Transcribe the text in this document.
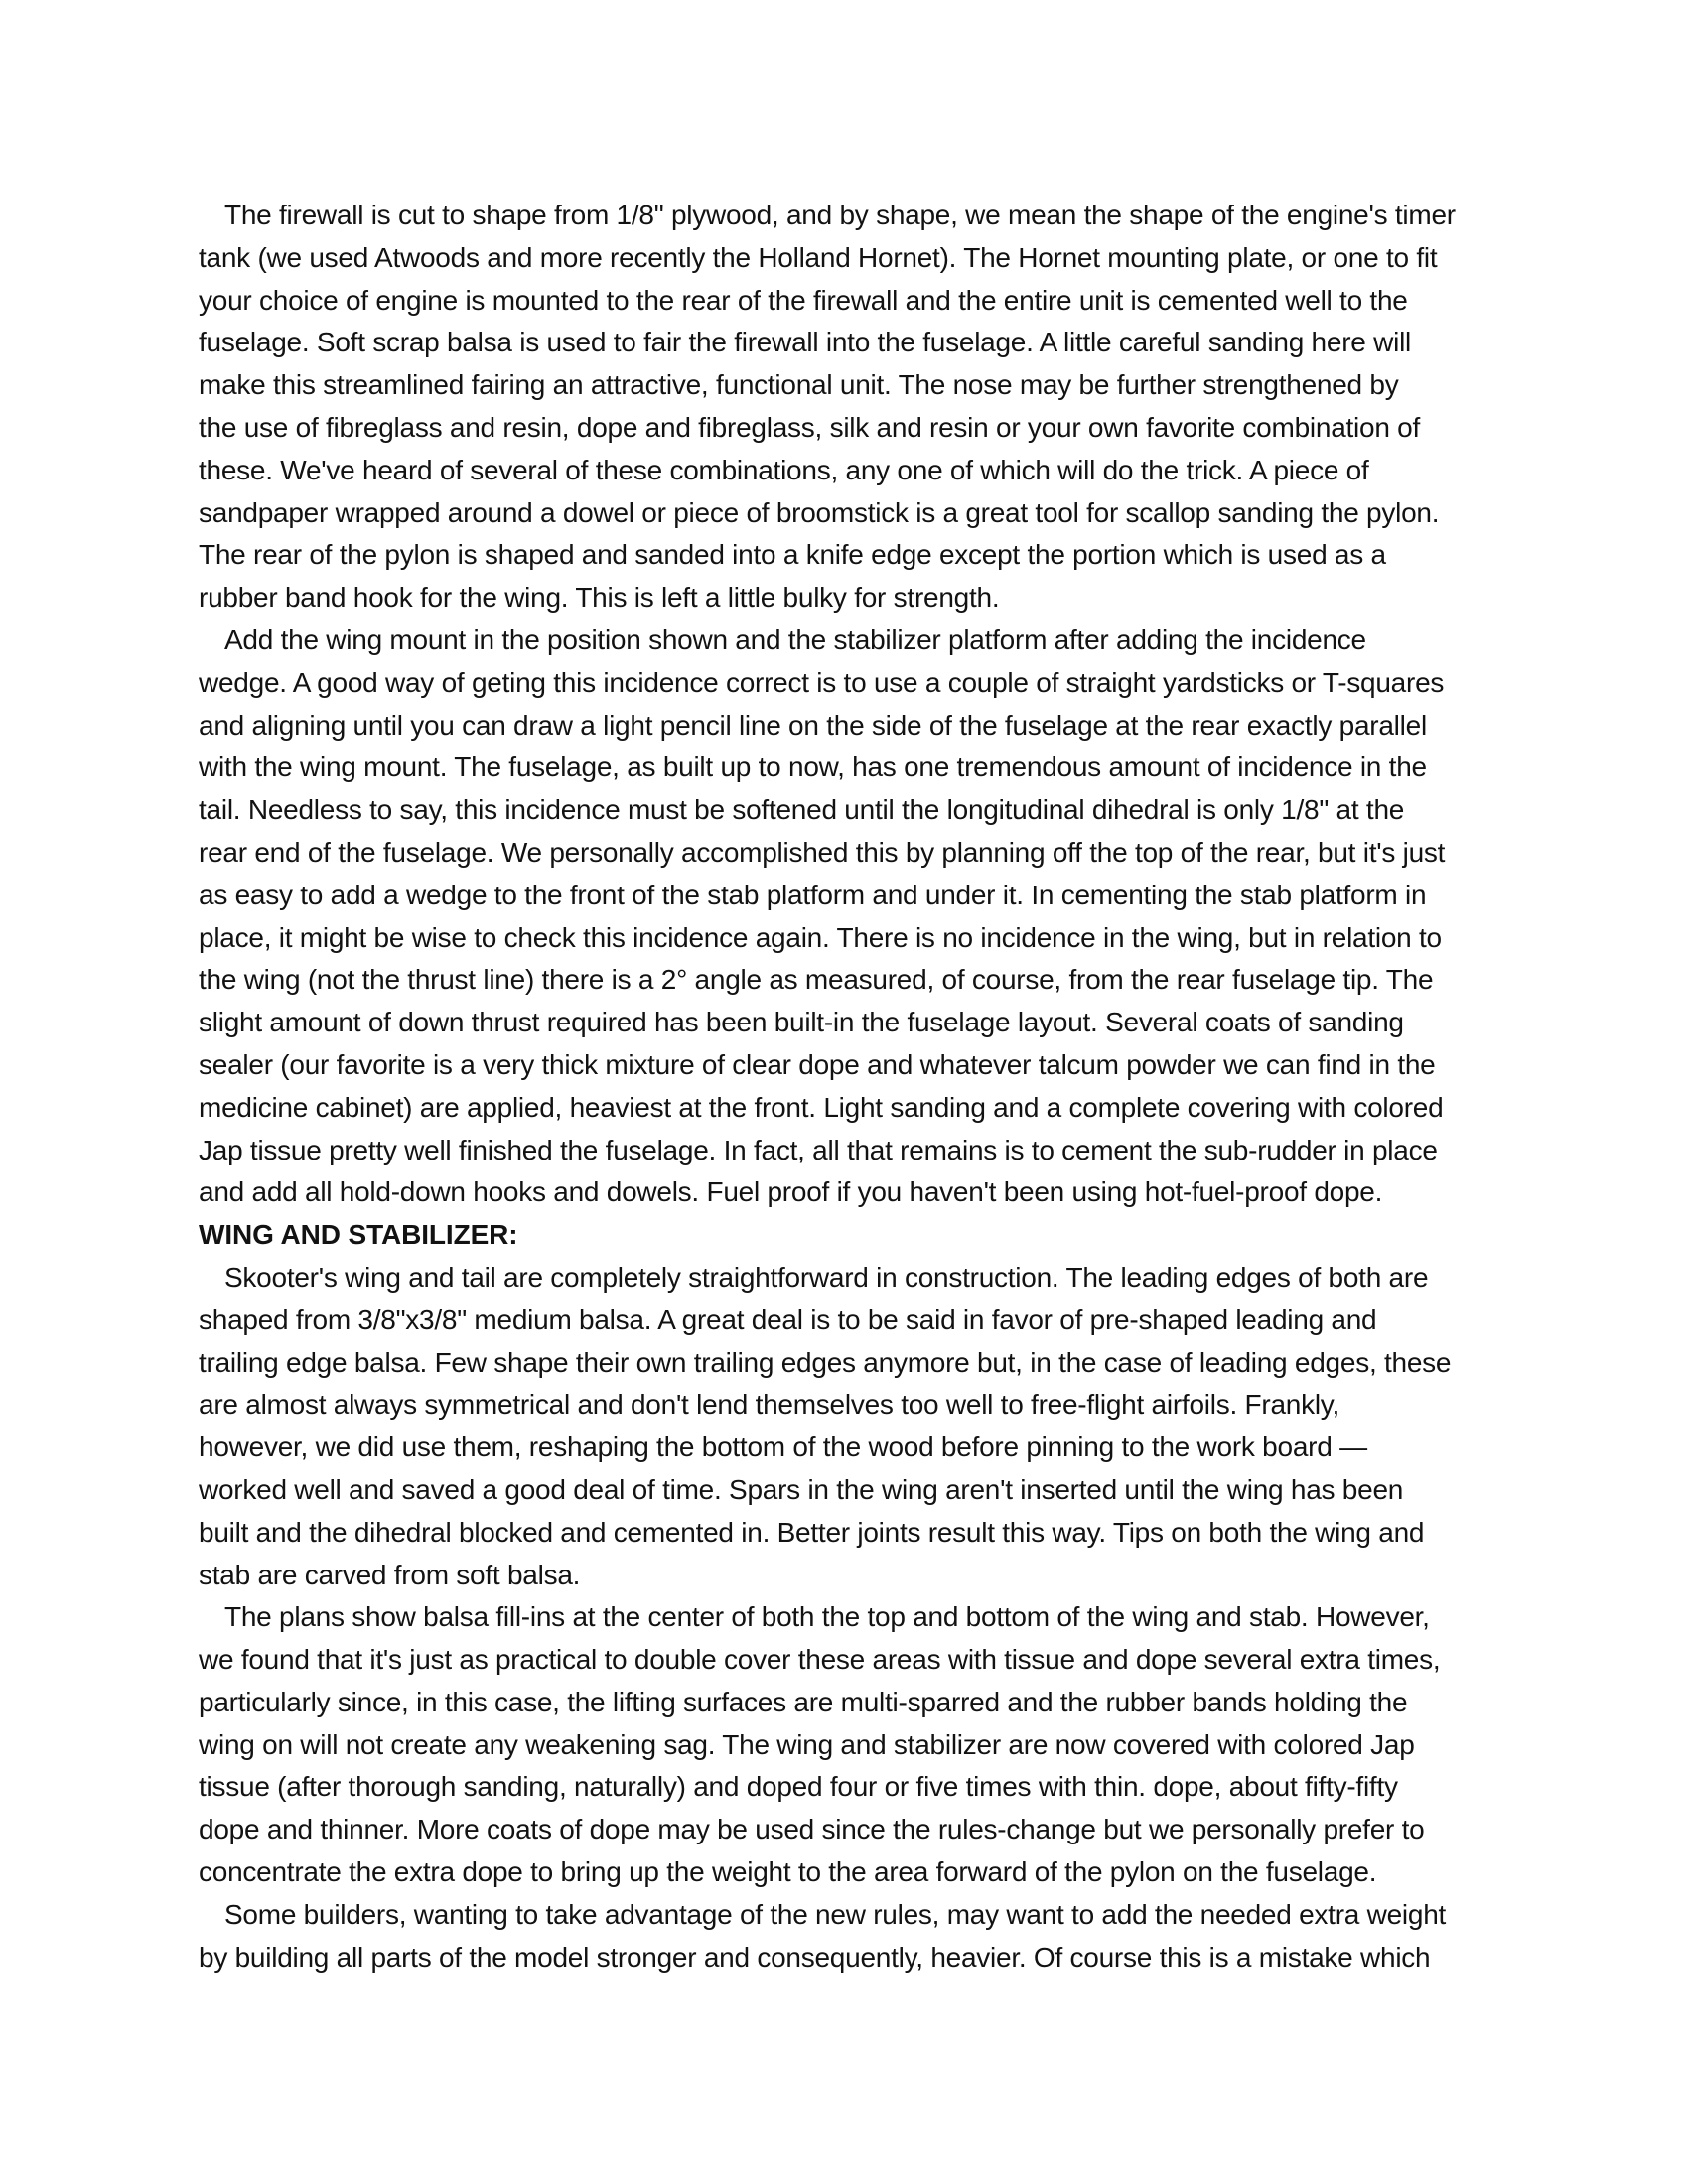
The firewall is cut to shape from 1/8" plywood, and by shape, we mean the shape of the engine's timer
tank (we used Atwoods and more recently the Holland Hornet). The Hornet mounting plate, or one to fit
your choice of engine is mounted to the rear of the firewall and the entire unit is cemented well to the
fuselage. Soft scrap balsa is used to fair the firewall into the fuselage. A little careful sanding here will
make this streamlined fairing an attractive, functional unit. The nose may be further strengthened by
the use of fibreglass and resin, dope and fibreglass, silk and resin or your own favorite combination of
these. We've heard of several of these combinations, any one of which will do the trick. A piece of
sandpaper wrapped around a dowel or piece of broomstick is a great tool for scallop sanding the pylon.
The rear of the pylon is shaped and sanded into a knife edge except the portion which is used as a
rubber band hook for the wing. This is left a little bulky for strength.

Add the wing mount in the position shown and the stabilizer platform after adding the incidence
wedge. A good way of geting this incidence correct is to use a couple of straight yardsticks or T-squares
and aligning until you can draw a light pencil line on the side of the fuselage at the rear exactly parallel
with the wing mount. The fuselage, as built up to now, has one tremendous amount of incidence in the
tail. Needless to say, this incidence must be softened until the longitudinal dihedral is only 1/8" at the
rear end of the fuselage. We personally accomplished this by planning off the top of the rear, but it's just
as easy to add a wedge to the front of the stab platform and under it. In cementing the stab platform in
place, it might be wise to check this incidence again. There is no incidence in the wing, but in relation to
the wing (not the thrust line) there is a 2° angle as measured, of course, from the rear fuselage tip. The
slight amount of down thrust required has been built-in the fuselage layout. Several coats of sanding
sealer (our favorite is a very thick mixture of clear dope and whatever talcum powder we can find in the
medicine cabinet) are applied, heaviest at the front. Light sanding and a complete covering with colored
Jap tissue pretty well finished the fuselage. In fact, all that remains is to cement the sub-rudder in place
and add all hold-down hooks and dowels. Fuel proof if you haven't been using hot-fuel-proof dope.

WING AND STABILIZER:

Skooter's wing and tail are completely straightforward in construction. The leading edges of both are
shaped from 3/8"x3/8" medium balsa. A great deal is to be said in favor of pre-shaped leading and
trailing edge balsa. Few shape their own trailing edges anymore but, in the case of leading edges, these
are almost always symmetrical and don't lend themselves too well to free-flight airfoils. Frankly,
however, we did use them, reshaping the bottom of the wood before pinning to the work board —
worked well and saved a good deal of time. Spars in the wing aren't inserted until the wing has been
built and the dihedral blocked and cemented in. Better joints result this way. Tips on both the wing and
stab are carved from soft balsa.

The plans show balsa fill-ins at the center of both the top and bottom of the wing and stab. However,
we found that it's just as practical to double cover these areas with tissue and dope several extra times,
particularly since, in this case, the lifting surfaces are multi-sparred and the rubber bands holding the
wing on will not create any weakening sag. The wing and stabilizer are now covered with colored Jap
tissue (after thorough sanding, naturally) and doped four or five times with thin. dope, about fifty-fifty
dope and thinner. More coats of dope may be used since the rules-change but we personally prefer to
concentrate the extra dope to bring up the weight to the area forward of the pylon on the fuselage.

Some builders, wanting to take advantage of the new rules, may want to add the needed extra weight
by building all parts of the model stronger and consequently, heavier. Of course this is a mistake which
